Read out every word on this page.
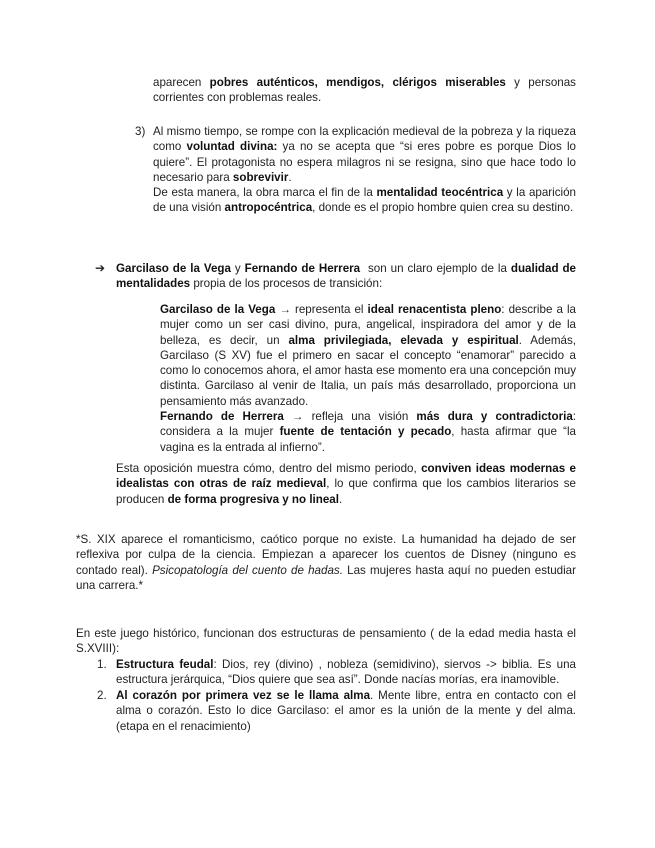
aparecen pobres auténticos, mendigos, clérigos miserables y personas corrientes con problemas reales.

3) Al mismo tiempo, se rompe con la explicación medieval de la pobreza y la riqueza como voluntad divina: ya no se acepta que “si eres pobre es porque Dios lo quiere”. El protagonista no espera milagros ni se resigna, sino que hace todo lo necesario para sobrevivir.
De esta manera, la obra marca el fin de la mentalidad teocéntrica y la aparición de una visión antropocéntrica, donde es el propio hombre quien crea su destino.

➔ Garcilaso de la Vega y Fernando de Herrera  son un claro ejemplo de la dualidad de mentalidades propia de los procesos de transición:

Garcilaso de la Vega → representa el ideal renacentista pleno: describe a la mujer como un ser casi divino, pura, angelical, inspiradora del amor y de la belleza, es decir, un alma privilegiada, elevada y espiritual. Además, Garcilaso (S XV) fue el primero en sacar el concepto “enamorar” parecido a como lo conocemos ahora, el amor hasta ese momento era una concepción muy distinta. Garcilaso al venir de Italia, un país más desarrollado, proporciona un pensamiento más avanzado.

Fernando de Herrera → refleja una visión más dura y contradictoria: considera a la mujer fuente de tentación y pecado, hasta afirmar que “la vagina es la entrada al infierno”.

Esta oposición muestra cómo, dentro del mismo periodo, conviven ideas modernas e idealistas con otras de raíz medieval, lo que confirma que los cambios literarios se producen de forma progresiva y no lineal.

*S. XIX aparece el romanticismo, caótico porque no existe. La humanidad ha dejado de ser reflexiva por culpa de la ciencia. Empiezan a aparecer los cuentos de Disney (ninguno es contado real). Psicopatología del cuento de hadas. Las mujeres hasta aquí no pueden estudiar una carrera.*

En este juego histórico, funcionan dos estructuras de pensamiento ( de la edad media hasta el S.XVIII):

1. Estructura feudal: Dios, rey (divino) , nobleza (semidivino), siervos -> biblia. Es una estructura jerárquica, “Dios quiere que sea así”. Donde nacías morías, era inamovible.

2. Al corazón por primera vez se le llama alma. Mente libre, entra en contacto con el alma o corazón. Esto lo dice Garcilaso: el amor es la unión de la mente y del alma. (etapa en el renacimiento)
